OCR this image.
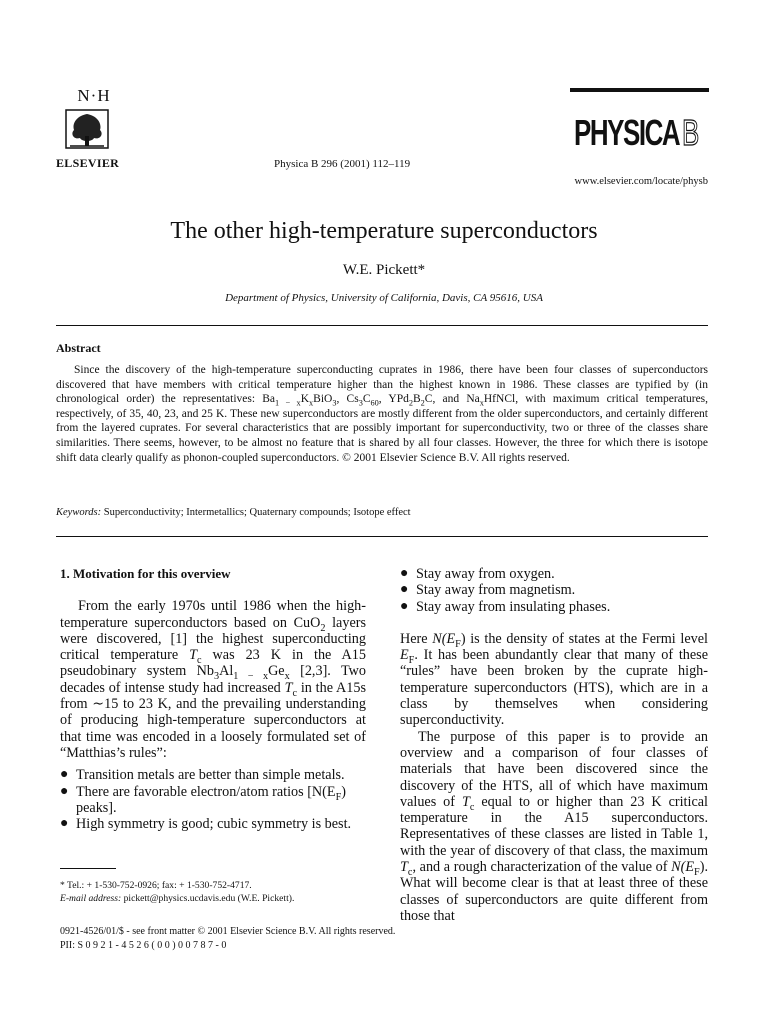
N·H
ELSEVIER	Physica B 296 (2001) 112–119
PHYSICA B
www.elsevier.com/locate/physb
The other high-temperature superconductors
W.E. Pickett*
Department of Physics, University of California, Davis, CA 95616, USA
Abstract
Since the discovery of the high-temperature superconducting cuprates in 1986, there have been four classes of superconductors discovered that have members with critical temperature higher than the highest known in 1986. These classes are typified by (in chronological order) the representatives: $Ba_{1 - x}K_xBiO_3$, $Cs_3C_{60}$, $YPd_2B_2C$, and $Na_xHfNCl$, with maximum critical temperatures, respectively, of 35, 40, 23, and 25 K. These new superconductors are mostly different from the older superconductors, and certainly different from the layered cuprates. For several characteristics that are possibly important for superconductivity, two or three of the classes share similarities. There seems, however, to be almost no feature that is shared by all four classes. However, the three for which there is isotope shift data clearly qualify as phonon-coupled superconductors. © 2001 Elsevier Science B.V. All rights reserved.
Keywords: Superconductivity; Intermetallics; Quaternary compounds; Isotope effect
1. Motivation for this overview

From the early 1970s until 1986 when the high-temperature superconductors based on CuO$_2$ layers were discovered, [1] the highest superconducting critical temperature $T_c$ was 23 K in the A15 pseudobinary system $Nb_3Al_{1 - x}Ge_x$ [2,3]. Two decades of intense study had increased $T_c$ in the A15s from ∼15 to 23 K, and the prevailing understanding of producing high-temperature superconductors at that time was encoded in a loosely formulated set of “Matthias’s rules”:

● Transition metals are better than simple metals.
● There are favorable electron/atom ratios [$N(E_F)$ peaks].
● High symmetry is good; cubic symmetry is best.
* Tel.: + 1-530-752-0926; fax: + 1-530-752-4717.
E-mail address: pickett@physics.ucdavis.edu (W.E. Pickett).
● Stay away from oxygen.
● Stay away from magnetism.
● Stay away from insulating phases.

Here $N(E_F)$ is the density of states at the Fermi level $E_F$. It has been abundantly clear that many of these “rules” have been broken by the cuprate high-temperature superconductors (HTS), which are in a class by themselves when considering superconductivity.

The purpose of this paper is to provide an overview and a comparison of four classes of materials that have been discovered since the discovery of the HTS, all of which have maximum values of $T_c$ equal to or higher than 23 K critical temperature in the A15 superconductors. Representatives of these classes are listed in Table 1, with the year of discovery of that class, the maximum $T_c$, and a rough characterization of the value of $N(E_F)$. What will become clear is that at least three of these classes of superconductors are quite different from those that

0921-4526/01/$ - see front matter © 2001 Elsevier Science B.V. All rights reserved.
PII: S 0 9 2 1 - 4 5 2 6 ( 0 0 ) 0 0 7 8 7 - 0
